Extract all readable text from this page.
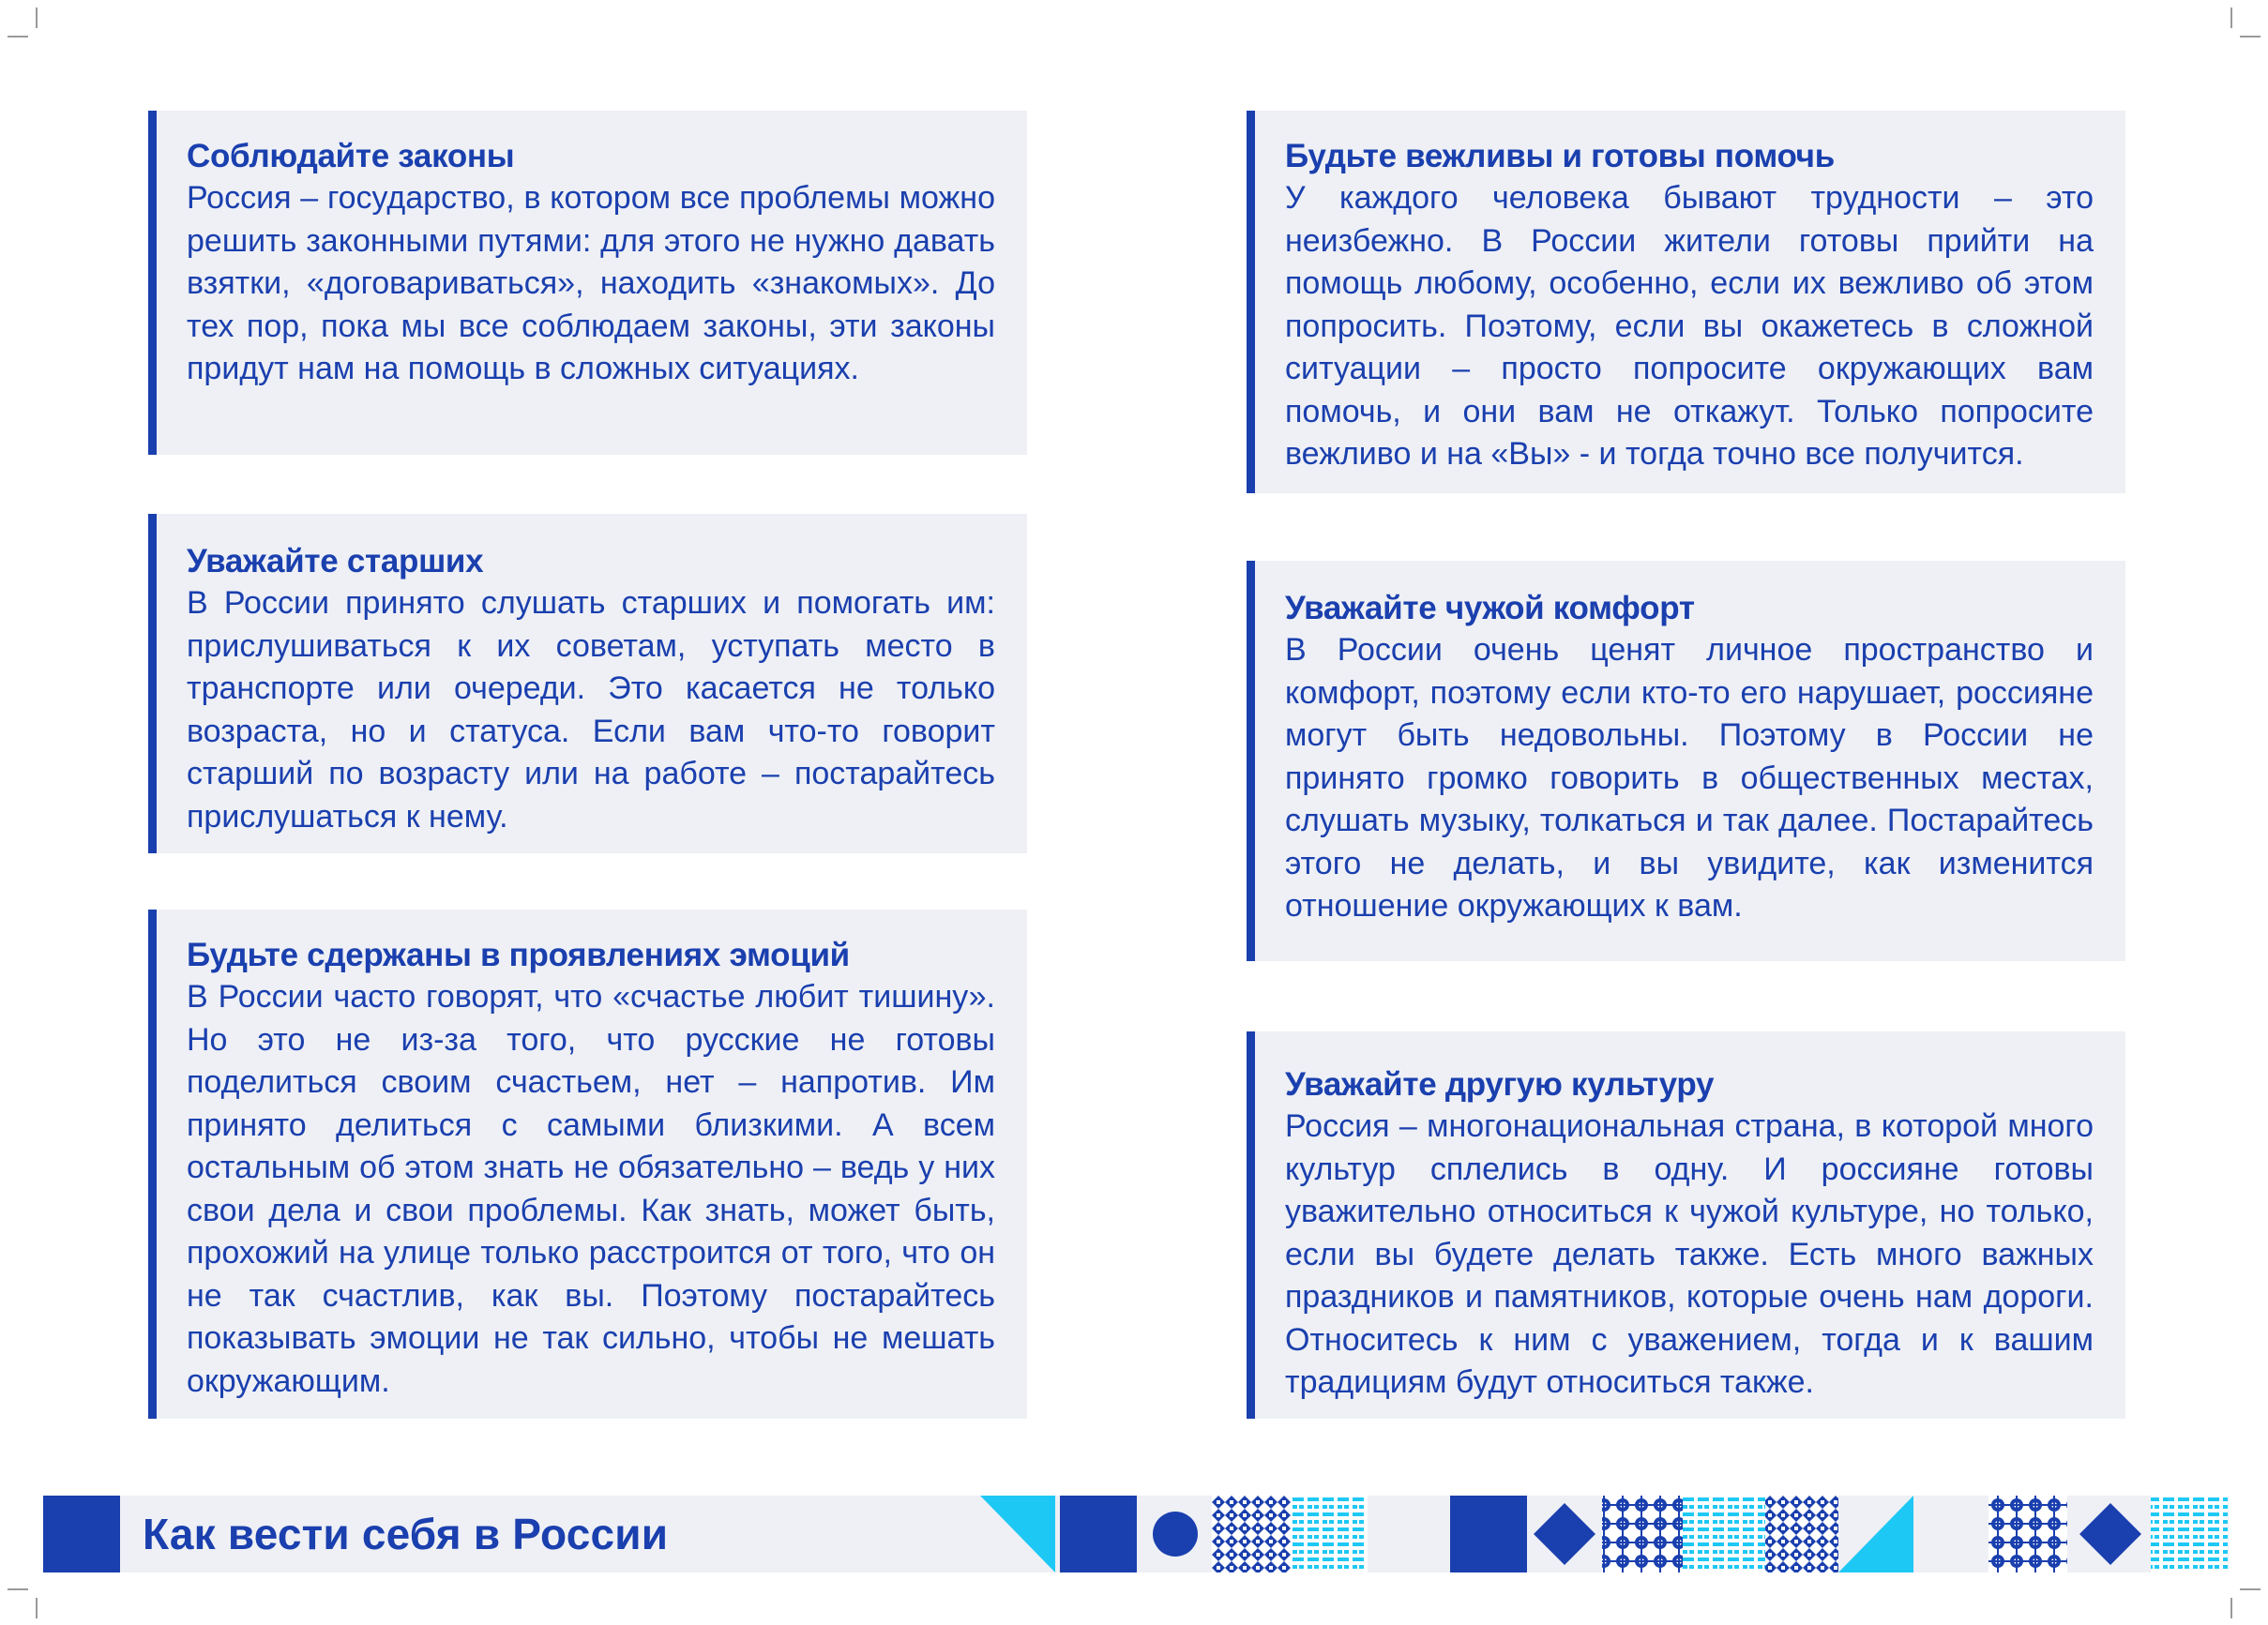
Соблюдайте законы

Россия – государство, в котором все проблемы можно решить законными путями: для этого не нужно давать взятки, «договариваться», находить «знакомых». До тех пор, пока мы все соблюдаем законы, эти законы придут нам на помощь в сложных ситуациях.

Уважайте старших

В России принято слушать старших и помогать им: прислушиваться к их советам, уступать место в транспорте или очереди. Это касается не только возраста, но и статуса. Если вам что-то говорит старший по возрасту или на работе – постарайтесь прислушаться к нему.

Будьте сдержаны в проявлениях эмоций

В России часто говорят, что «счастье любит тишину». Но это не из-за того, что русские не готовы поделиться своим счастьем, нет – напротив. Им принято делиться с самыми близкими. А всем остальным об этом знать не обязательно – ведь у них свои дела и свои проблемы. Как знать, может быть, прохожий на улице только расстроится от того, что он не так счастлив, как вы. Поэтому постарайтесь показывать эмоции не так сильно, чтобы не мешать окружающим.

Будьте вежливы и готовы помочь

У каждого человека бывают трудности – это неизбежно. В России жители готовы прийти на помощь любому, особенно, если их вежливо об этом попросить. Поэтому, если вы окажетесь в сложной ситуации – просто попросите окружающих вам помочь, и они вам не откажут. Только попросите вежливо и на «Вы» - и тогда точно все получится.

Уважайте чужой комфорт

В России очень ценят личное пространство и комфорт, поэтому если кто-то его нарушает, россияне могут быть недовольны. Поэтому в России не принято громко говорить в общественных местах, слушать музыку, толкаться и так далее. Постарайтесь этого не делать, и вы увидите, как изменится отношение окружающих к вам.

Уважайте другую культуру

Россия – многонациональная страна, в которой много культур сплелись в одну. И россияне готовы уважительно относиться к чужой культуре, но только, если вы будете делать также. Есть много важных праздников и памятников, которые очень нам дороги. Относитесь к ним с уважением, тогда и к вашим традициям будут относиться также.

Как вести себя в России
